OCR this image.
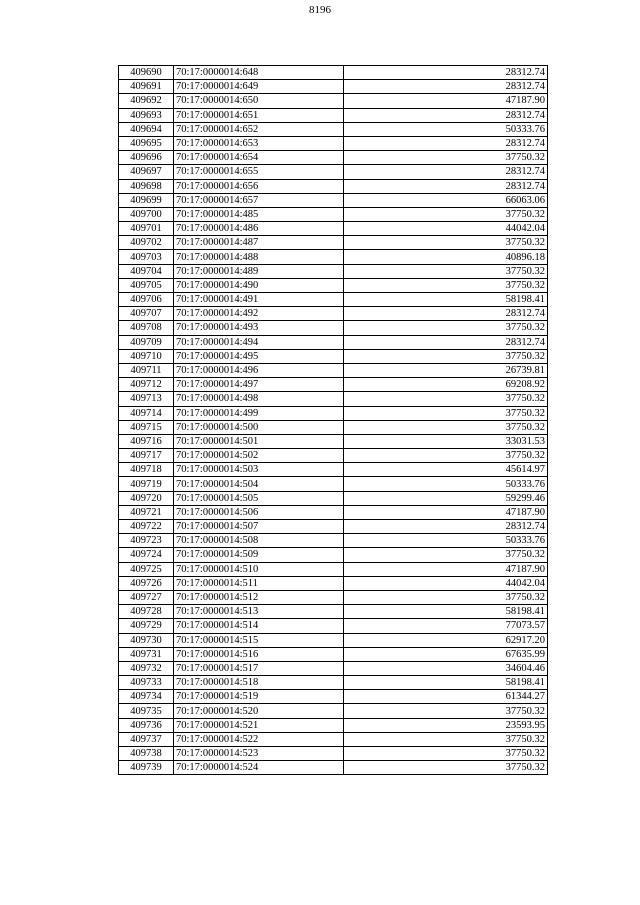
8196
409690	70:17:0000014:648	28312.74
409691	70:17:0000014:649	28312.74
409692	70:17:0000014:650	47187.90
409693	70:17:0000014:651	28312.74
409694	70:17:0000014:652	50333.76
409695	70:17:0000014:653	28312.74
409696	70:17:0000014:654	37750.32
409697	70:17:0000014:655	28312.74
409698	70:17:0000014:656	28312.74
409699	70:17:0000014:657	66063.06
409700	70:17:0000014:485	37750.32
409701	70:17:0000014:486	44042.04
409702	70:17:0000014:487	37750.32
409703	70:17:0000014:488	40896.18
409704	70:17:0000014:489	37750.32
409705	70:17:0000014:490	37750.32
409706	70:17:0000014:491	58198.41
409707	70:17:0000014:492	28312.74
409708	70:17:0000014:493	37750.32
409709	70:17:0000014:494	28312.74
409710	70:17:0000014:495	37750.32
409711	70:17:0000014:496	26739.81
409712	70:17:0000014:497	69208.92
409713	70:17:0000014:498	37750.32
409714	70:17:0000014:499	37750.32
409715	70:17:0000014:500	37750.32
409716	70:17:0000014:501	33031.53
409717	70:17:0000014:502	37750.32
409718	70:17:0000014:503	45614.97
409719	70:17:0000014:504	50333.76
409720	70:17:0000014:505	59299.46
409721	70:17:0000014:506	47187.90
409722	70:17:0000014:507	28312.74
409723	70:17:0000014:508	50333.76
409724	70:17:0000014:509	37750.32
409725	70:17:0000014:510	47187.90
409726	70:17:0000014:511	44042.04
409727	70:17:0000014:512	37750.32
409728	70:17:0000014:513	58198.41
409729	70:17:0000014:514	77073.57
409730	70:17:0000014:515	62917.20
409731	70:17:0000014:516	67635.99
409732	70:17:0000014:517	34604.46
409733	70:17:0000014:518	58198.41
409734	70:17:0000014:519	61344.27
409735	70:17:0000014:520	37750.32
409736	70:17:0000014:521	23593.95
409737	70:17:0000014:522	37750.32
409738	70:17:0000014:523	37750.32
409739	70:17:0000014:524	37750.32
